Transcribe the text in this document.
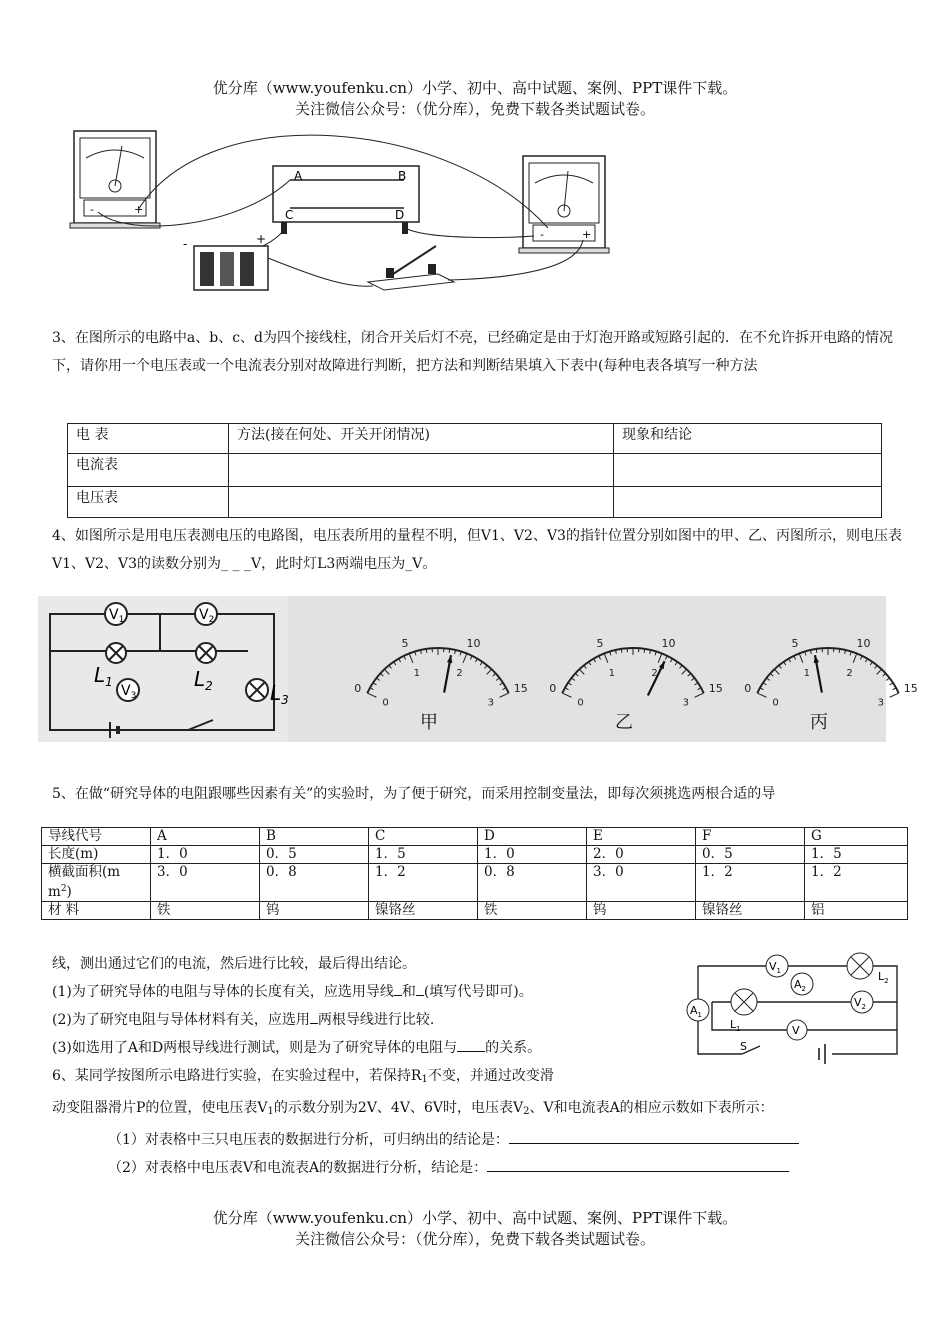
优分库（www.youfenku.cn）小学、初中、高中试题、案例、PPT课件下载。
关注微信公众号：（优分库），免费下载各类试题试卷。
-	+
A	B
C	D
-	+	-	+
3、在图所示的电路中a、b、c、d为四个接线柱，闭合开关后灯不亮，已经确定是由于灯泡开路或短路引起的．在不允许拆开电路的情况下，请你用一个电压表或一个电流表分别对故障进行判断，把方法和判断结果填入下表中(每种电表各填写一种方法
电 表	方法(接在何处、开关开闭情况)	现象和结论
电流表		
电压表		
4、如图所示是用电压表测电压的电路图，电压表所用的量程不明，但V1、V2、V3的指针位置分别如图中的甲、乙、丙图所示，则电压表V1、V2、V3的读数分别为_ _ _V，此时灯L3两端电压为_V。
$V_1$	$V_2$
$V_3$
$L_1$	$L_2$	$L_3$
0
5	10
15
0
1	2
3
甲
0
5	10
15
0
1	2
3
乙
0
5	10
15
0
1	2
3
丙
5、在做“研究导体的电阻跟哪些因素有关”的实验时，为了便于研究，而采用控制变量法，即每次须挑选两根合适的导
导线代号	A	B	C	D	E	F	G
长度(m)	1．0	0．5	1．5	1．0	2．0	0．5	1．5
横截面积(m
$m^2$)	3．0	0．8	1．2	0．8	3．0	1．2	1．2
材 料	铁	钨	镍铬丝	铁	钨	镍铬丝	铝
线，测出通过它们的电流，然后进行比较，最后得出结论。
(1)为了研究导体的电阻与导体的长度有关，应选用导线 和 (填写代号即可)。
(2)为了研究电阻与导体材料有关，应选用 两根导线进行比较.
(3)如选用了A和D两根导线进行测试，则是为了研究导体的电阻与 的关系。
$V_1$
$A_2$
$L_2$
$A_1$
$L_1$
$V_2$
V
S
6、某同学按图所示电路进行实验，在实验过程中，若保持$R_1$不变，并通过改变滑
动变阻器滑片P的位置，使电压表$V_1$的示数分别为2V、4V、6V时，电压表$V_2$、V和电流表A的相应示数如下表所示：
（1）对表格中三只电压表的数据进行分析，可归纳出的结论是：
（2）对表格中电压表V和电流表A的数据进行分析，结论是：
优分库（www.youfenku.cn）小学、初中、高中试题、案例、PPT课件下载。
关注微信公众号：（优分库），免费下载各类试题试卷。
